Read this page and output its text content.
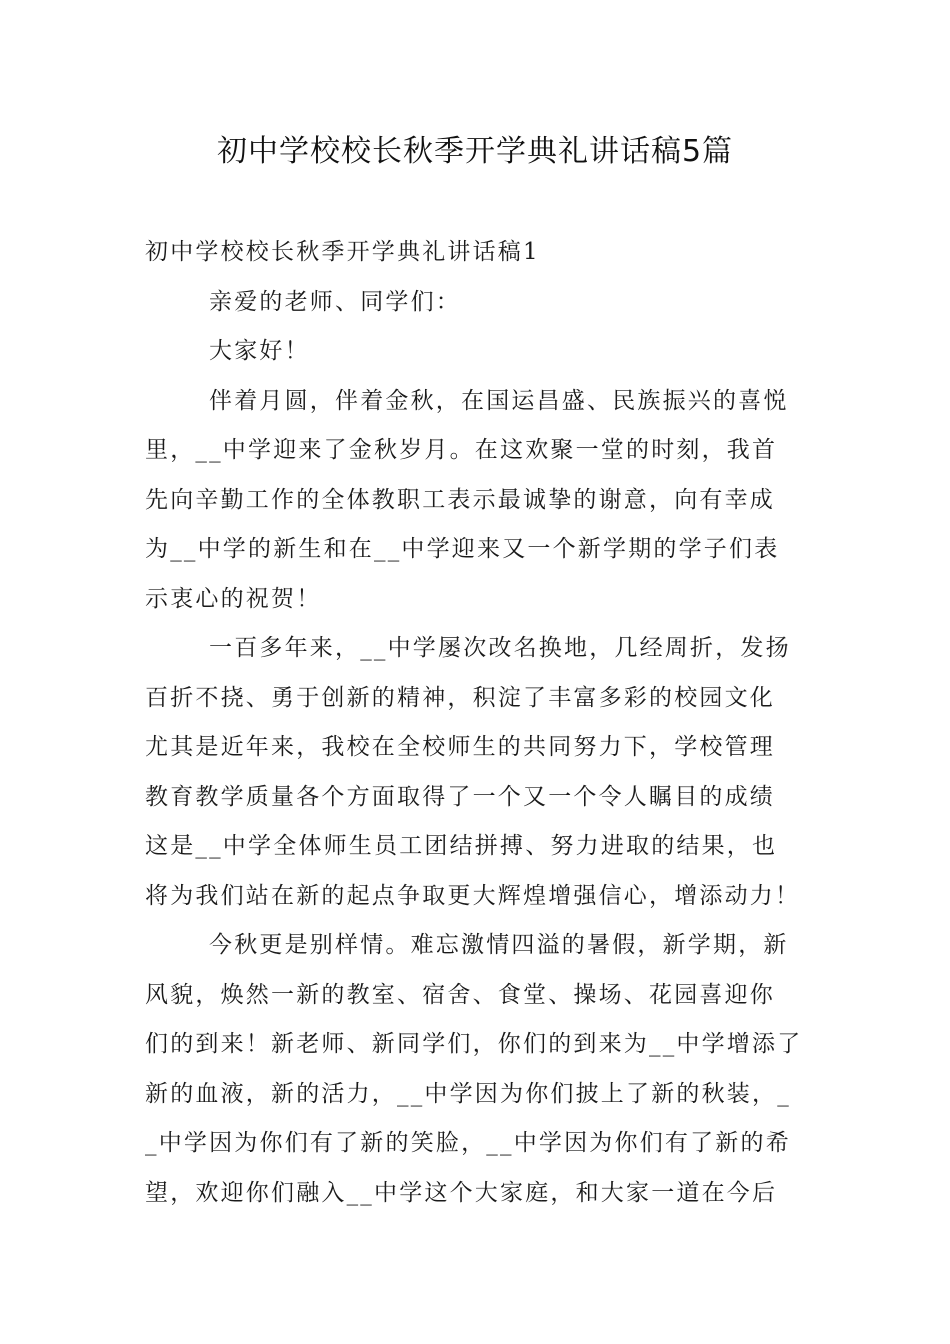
初中学校校长秋季开学典礼讲话稿5篇
初中学校校长秋季开学典礼讲话稿1
亲爱的老师、同学们：
大家好！
伴着月圆，伴着金秋，在国运昌盛、民族振兴的喜悦
里，__中学迎来了金秋岁月。在这欢聚一堂的时刻，我首
先向辛勤工作的全体教职工表示最诚挚的谢意，向有幸成
为__中学的新生和在__中学迎来又一个新学期的学子们表
示衷心的祝贺！
一百多年来，__中学屡次改名换地，几经周折，发扬
百折不挠、勇于创新的精神，积淀了丰富多彩的校园文化
尤其是近年来，我校在全校师生的共同努力下，学校管理
教育教学质量各个方面取得了一个又一个令人瞩目的成绩
这是__中学全体师生员工团结拼搏、努力进取的结果，也
将为我们站在新的起点争取更大辉煌增强信心，增添动力！
今秋更是别样情。难忘激情四溢的暑假，新学期，新
风貌，焕然一新的教室、宿舍、食堂、操场、花园喜迎你
们的到来！新老师、新同学们，你们的到来为__中学增添了
新的血液，新的活力，__中学因为你们披上了新的秋装，_
_中学因为你们有了新的笑脸，__中学因为你们有了新的希
望，欢迎你们融入__中学这个大家庭，和大家一道在今后
